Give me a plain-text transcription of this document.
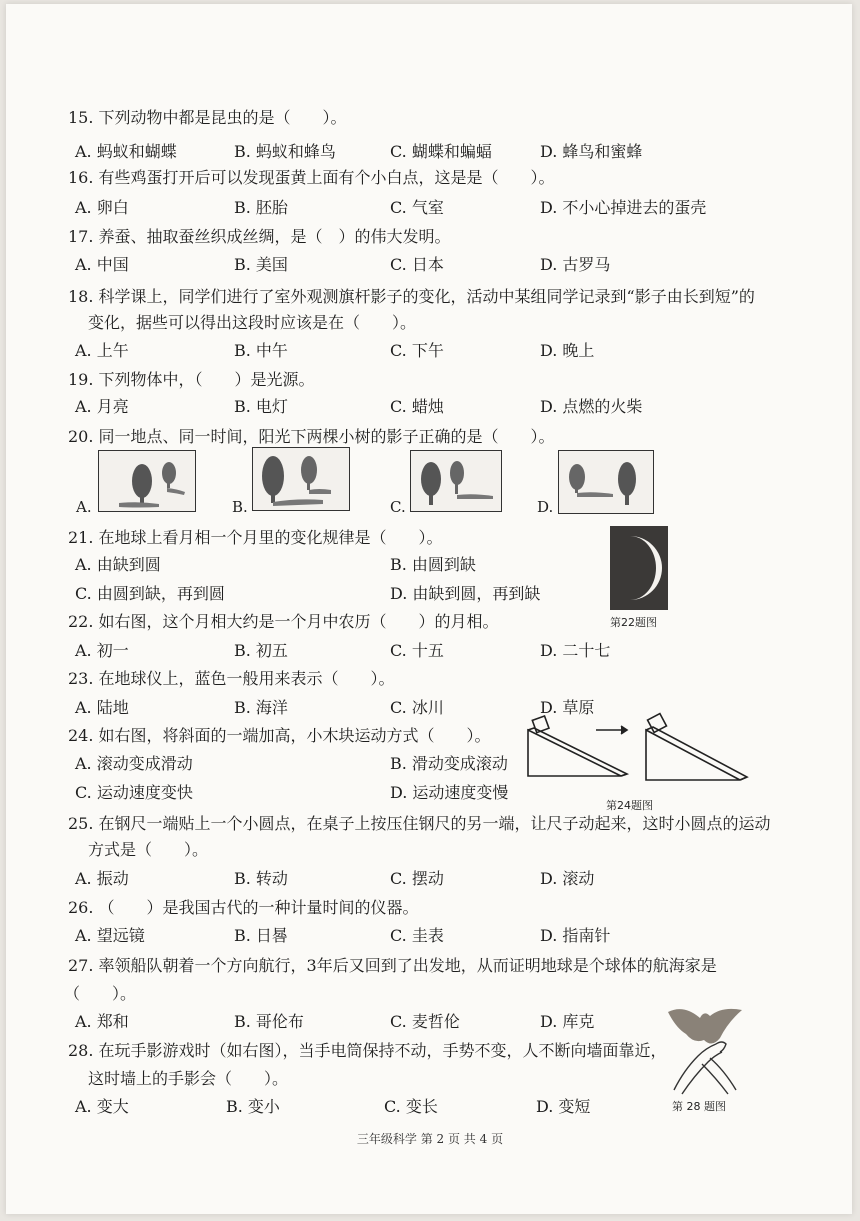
15. 下列动物中都是昆虫的是（　　）。
A. 蚂蚁和蝴蝶	B. 蚂蚁和蜂鸟	C. 蝴蝶和蝙蝠	D. 蜂鸟和蜜蜂
16. 有些鸡蛋打开后可以发现蛋黄上面有个小白点，这是是（　　）。
A. 卵白	B. 胚胎	C. 气室	D. 不小心掉进去的蛋壳
17. 养蚕、抽取蚕丝织成丝绸，是（　）的伟大发明。
A. 中国	B. 美国	C. 日本	D. 古罗马
18. 科学课上，同学们进行了室外观测旗杆影子的变化，活动中某组同学记录到“影子由长到短”的
变化，据些可以得出这段时应该是在（　　）。
A. 上午	B. 中午	C. 下午	D. 晚上
19. 下列物体中，（　　）是光源。
A. 月亮	B. 电灯	C. 蜡烛	D. 点燃的火柴
20. 同一地点、同一时间，阳光下两棵小树的影子正确的是（　　）。
A.	B.	C.	D.
21. 在地球上看月相一个月里的变化规律是（　　）。
A. 由缺到圆	B. 由圆到缺
C. 由圆到缺，再到圆	D. 由缺到圆，再到缺
第22题图
22. 如右图，这个月相大约是一个月中农历（　　）的月相。
A. 初一	B. 初五	C. 十五	D. 二十七
23. 在地球仪上，蓝色一般用来表示（　　）。
A. 陆地	B. 海洋	C. 冰川	D. 草原
24. 如右图，将斜面的一端加高，小木块运动方式（　　）。
A. 滚动变成滑动	B. 滑动变成滚动
C. 运动速度变快	D. 运动速度变慢
第24题图
25. 在钢尺一端贴上一个小圆点，在桌子上按压住钢尺的另一端，让尺子动起来，这时小圆点的运动
方式是（　　）。
A. 振动	B. 转动	C. 摆动	D. 滚动
26. （　　）是我国古代的一种计量时间的仪器。
A. 望远镜	B. 日晷	C. 圭表	D. 指南针
27. 率领船队朝着一个方向航行，3年后又回到了出发地，从而证明地球是个球体的航海家是
（　　）。
A. 郑和	B. 哥伦布	C. 麦哲伦	D. 库克
第 28 题图
28. 在玩手影游戏时（如右图），当手电筒保持不动，手势不变，人不断向墙面靠近，
这时墙上的手影会（　　）。
A. 变大	B. 变小	C. 变长	D. 变短
三年级科学 第 2 页 共 4 页
